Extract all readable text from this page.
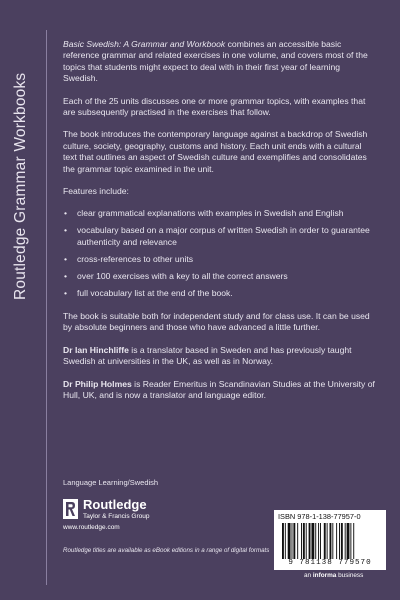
Routledge Grammar Workbooks

Basic Swedish: A Grammar and Workbook combines an accessible basic reference grammar and related exercises in one volume, and covers most of the topics that students might expect to deal with in their first year of learning Swedish.

Each of the 25 units discusses one or more grammar topics, with examples that are subsequently practised in the exercises that follow.

The book introduces the contemporary language against a backdrop of Swedish culture, society, geography, customs and history. Each unit ends with a cultural text that outlines an aspect of Swedish culture and exemplifies and consolidates the grammar topic examined in the unit.

Features include:

• clear grammatical explanations with examples in Swedish and English
• vocabulary based on a major corpus of written Swedish in order to guarantee authenticity and relevance
• cross-references to other units
• over 100 exercises with a key to all the correct answers
• full vocabulary list at the end of the book.

The book is suitable both for independent study and for class use. It can be used by absolute beginners and those who have advanced a little further.

Dr Ian Hinchliffe is a translator based in Sweden and has previously taught Swedish at universities in the UK, as well as in Norway.

Dr Philip Holmes is Reader Emeritus in Scandinavian Studies at the University of Hull, UK, and is now a translator and language editor.

Language Learning/Swedish
Routledge
Taylor & Francis Group
www.routledge.com
Routledge titles are available as eBook editions in a range of digital formats
ISBN 978-1-138-77957-0
9 781138 779570
an informa business
